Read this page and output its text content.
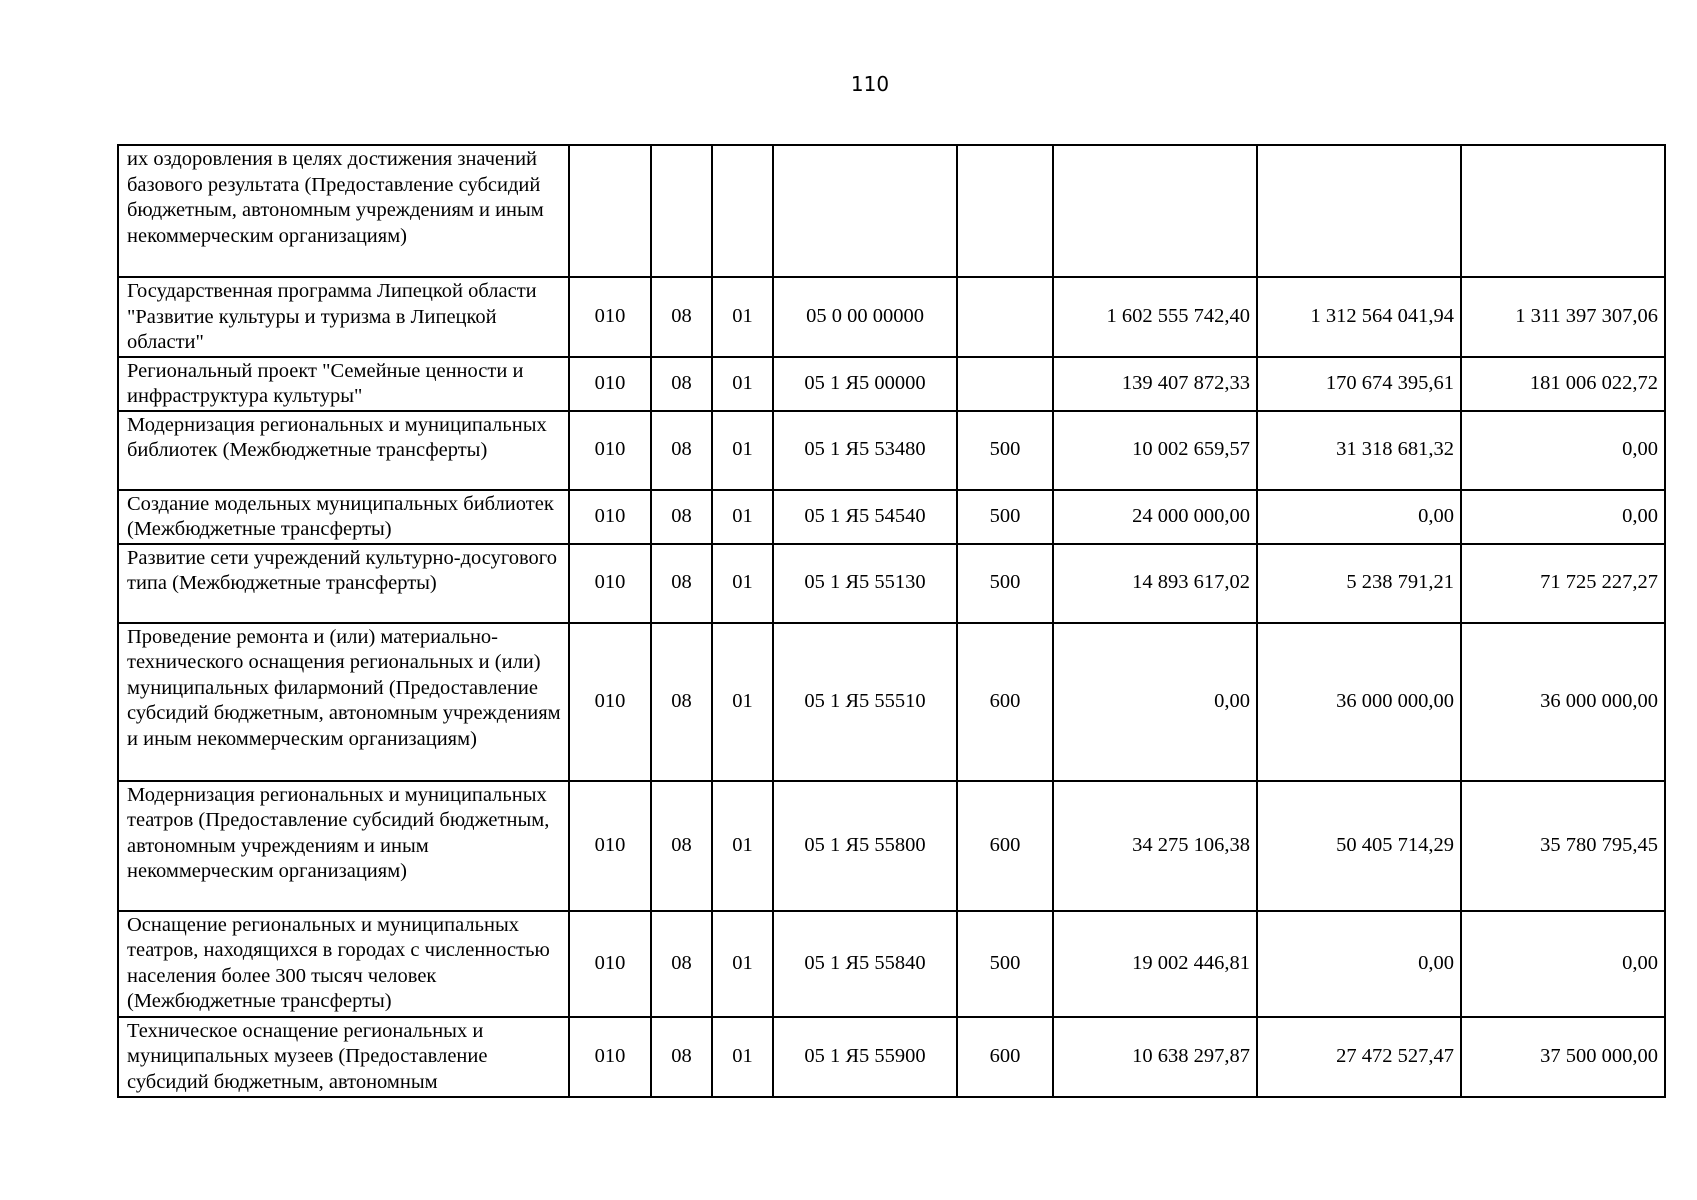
110
их оздоровления в целях достижения значений базового результата (Предоставление субсидий бюджетным, автономным учреждениям и иным некоммерческим организациям)								
Государственная программа Липецкой области "Развитие культуры и туризма в Липецкой области"	010	08	01	05 0 00 00000		1 602 555 742,40	1 312 564 041,94	1 311 397 307,06
Региональный проект "Семейные ценности и инфраструктура культуры"	010	08	01	05 1 Я5 00000		139 407 872,33	170 674 395,61	181 006 022,72
Модернизация региональных и муниципальных библиотек (Межбюджетные трансферты)	010	08	01	05 1 Я5 53480	500	10 002 659,57	31 318 681,32	0,00
Создание модельных муниципальных библиотек (Межбюджетные трансферты)	010	08	01	05 1 Я5 54540	500	24 000 000,00	0,00	0,00
Развитие сети учреждений культурно-досугового типа (Межбюджетные трансферты)	010	08	01	05 1 Я5 55130	500	14 893 617,02	5 238 791,21	71 725 227,27
Проведение ремонта и (или) материально-технического оснащения региональных и (или) муниципальных филармоний (Предоставление субсидий бюджетным, автономным учреждениям и иным некоммерческим организациям)	010	08	01	05 1 Я5 55510	600	0,00	36 000 000,00	36 000 000,00
Модернизация региональных и муниципальных театров (Предоставление субсидий бюджетным, автономным учреждениям и иным некоммерческим организациям)	010	08	01	05 1 Я5 55800	600	34 275 106,38	50 405 714,29	35 780 795,45
Оснащение региональных и муниципальных театров, находящихся в городах с численностью населения более 300 тысяч человек (Межбюджетные трансферты)	010	08	01	05 1 Я5 55840	500	19 002 446,81	0,00	0,00
Техническое оснащение региональных и муниципальных музеев (Предоставление субсидий бюджетным, автономным	010	08	01	05 1 Я5 55900	600	10 638 297,87	27 472 527,47	37 500 000,00
